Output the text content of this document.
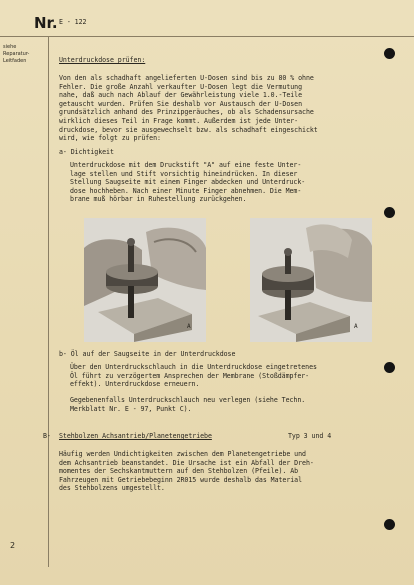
Nr. E - 122
siehe
Reparatur-
Leitfaden	Unterdruckdose prüfen:
Von den als schadhaft angelieferten U-Dosen sind bis zu 80 % ohne
Fehler. Die große Anzahl verkaufter U-Dosen legt die Vermutung
nahe, daß auch nach Ablauf der Gewährleistung viele 1.0.-Teile
getauscht wurden. Prüfen Sie deshalb vor Austausch der U-Dosen
grundsätzlich anhand des Prinzipgeräuches, ob als Schadensursache
wirklich dieses Teil in Frage kommt. Außerdem ist jede Unter-
druckdose, bevor sie ausgewechselt bzw. als schadhaft eingeschickt
wird, wie folgt zu prüfen:
a- Dichtigkeit
Unterdruckdose mit dem Druckstift "A" auf eine feste Unter-
lage stellen und Stift vorsichtig hineindrücken. In dieser
Stellung Saugseite mit einem Finger abdecken und Unterdruck-
dose hochheben. Nach einer Minute Finger abnehmen. Die Mem-
brane muß hörbar in Ruhestellung zurückgehen.
A	A
b- Öl auf der Saugseite in der Unterdruckdose
Über den Unterdruckschlauch in die Unterdruckdose eingetretenes
Öl führt zu verzögertem Ansprechen der Membrane (Stoßdämpfer-
effekt). Unterdruckdose erneuern.
Gegebenenfalls Unterdruckschlauch neu verlegen (siehe Techn.
Merkblatt Nr. E - 97, Punkt C).
B- Stehbolzen Achsantrieb/Planetengetriebe	Typ 3 und 4
Häufig werden Undichtigkeiten zwischen dem Planetengetriebe und
dem Achsantrieb beanstandet. Die Ursache ist ein Abfall der Dreh-
momentes der Sechskantmuttern auf den Stehbolzen (Pfeile). Ab
Fahrzeugen mit Getriebebeginn 2R015 wurde deshalb das Material
des Stehbolzens umgestellt.
2
